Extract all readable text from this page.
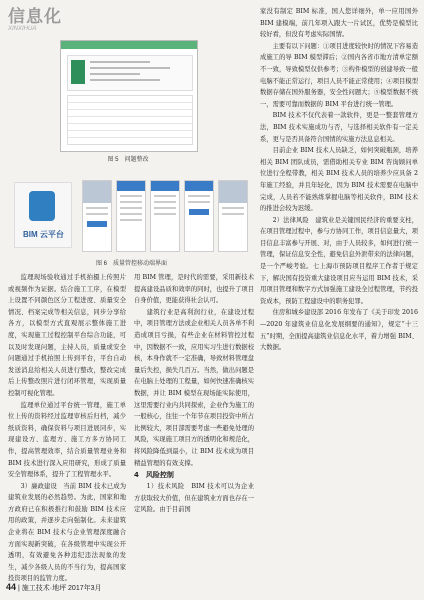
信息化
XINXIHUA
图 5　问题整改
BIM 云平台
图 6　质量管控移动端界面

家没有制定 BIM 标准，国人您详细外，单一应用国外 BIM 建模端，前几年项入跟大一片试区，优势是模型比较好看，但没有考虑实际国情。

主要有以下问题：①项目进度较快时的情况下容易造成施工的导 BIM 模型滞后；②国内各省市地方清单定额不一致，导致模型仅供参考；③构件模型的创建导致一般电脑不能正常运行，项目人员不能正常使用；④项目模型数据存储在国外服务器，安全性问题大；⑤模型数据不统一，需要可靠而数据的 BIM 平台进行统一管理。

BIM 技术不仅代表着一款软件，更是一整套管理方法，BIM 技术实施成功与否，与选择相关软件有一定关系，更与是否具备符合国情的实施方法息息相关。

目前企业 BIM 技术人员缺乏，如何突破瓶颈，培养相关 BIM 团队成员，需借助相关专业 BIM 咨询顾问单位进行全程带教，相关 BIM 技术人员的培养少应具备 2 年施工经验，并且年轻化，因为 BIM 技术需要在电脑中完成，人员若不能熟练掌握电脑等相关软件，BIM 技术的推进会较为迟缓。

2）法律风险　建筑业是关键国民经济的重要支柱，在项目管理过程中，参与方协同工作，项目信息量大，项目信息丰富参与开展、对，由于人员较多，如何进行统一管理，保证信息安全性，避免信息外泄带来的法律问题，是一个严峻考验。七上海市预防项目程序工作者于规定下，解决国有投资重大建设项目应当运用 BIM 技术，采用项目管理和数字方式加强施工建设全过程管理，节约投资成本，预防工程建设中的职务犯罪。

住房和城乡建设部 2016 年发布了《关于印发 2016—2020 年建筑业信息化发展纲要的通知》，规定“十三五”时期，全面提高建筑业信息化水平，着力增强 BIM、大数据。

监理现场验收通过手机拍摄上传照片或视频作为证据。结合施工工序，在模型上设置不同颜色区分工程进度、质量安全情况、档案完成等相关信息，同步分享给各方，以模型方式直观展示整体施工进度，实现施工过程控制平台综合功能，可以及时发现问题，主持人员，质量或安全问题通过手机拍照上传到平台，平台自动发送消息给相关人员进行整改，整改完成后上传整改照片进行闭环管理，实现质量控制可视化管理。

监理单位通过平台统一管理，施工单位上传的资料经过监理审核后归档，减少纸质资料，确保资料与项目进展同步，实现建设方、监理方、施工方多方协同工作，提高管理效率，结合质量管理业务和 BIM 技术进行深入应用研究，形成了质量安全管理体系，提升了工程管理水平。

3）廉政建设　当前 BIM 技术已成为建筑业发展的必然趋势。为此，国家和地方政府已在积极推行和鼓励 BIM 技术应用的政策，并逐步走向强制化。未来建筑企业将在 BIM 技术与企业管理深度融合方面实现新突破，在各级管理中实现公开透明，有效避免各种违纪违法现象的发生，减少各级人员的不当行为，提高国家投资项目的监管力度。

用 BIM 管理，是时代的需要，采用新技术提高建设品质和效率的同时，也提升了项目自身价值，更能获得社会认可。

建筑行业是高利润行业，在建设过程中，项目管理方法或企业相关人员各单不利造成项目亏损，有些企业在材料管控过程中，因数据不一致，应用实习生进行数据校核，本身作就不一定准确，导致材料管理盘量后失控，损失几百万。当然，做出问题是在电脑上处理的工程量，如何快速准确核实数据，并让 BIM 模型在现场能实际使用，这里需要行业内共同探索，企业作为施工的一般核心，往往一个年节在项目投资中所占比例较大，项目部需要考虑一些避免处理的风险，实现施工项目方的透明化和规范化，将风险降低到最小，让 BIM 技术成为项目精益管理的有效支撑。

4　风险控制

1）技术风险　BIM 技术可以为企业方获取较大价值，但在建筑业方面也存在一定风险。由于目前国

44 | 施工技术·地坪 2017年3月
